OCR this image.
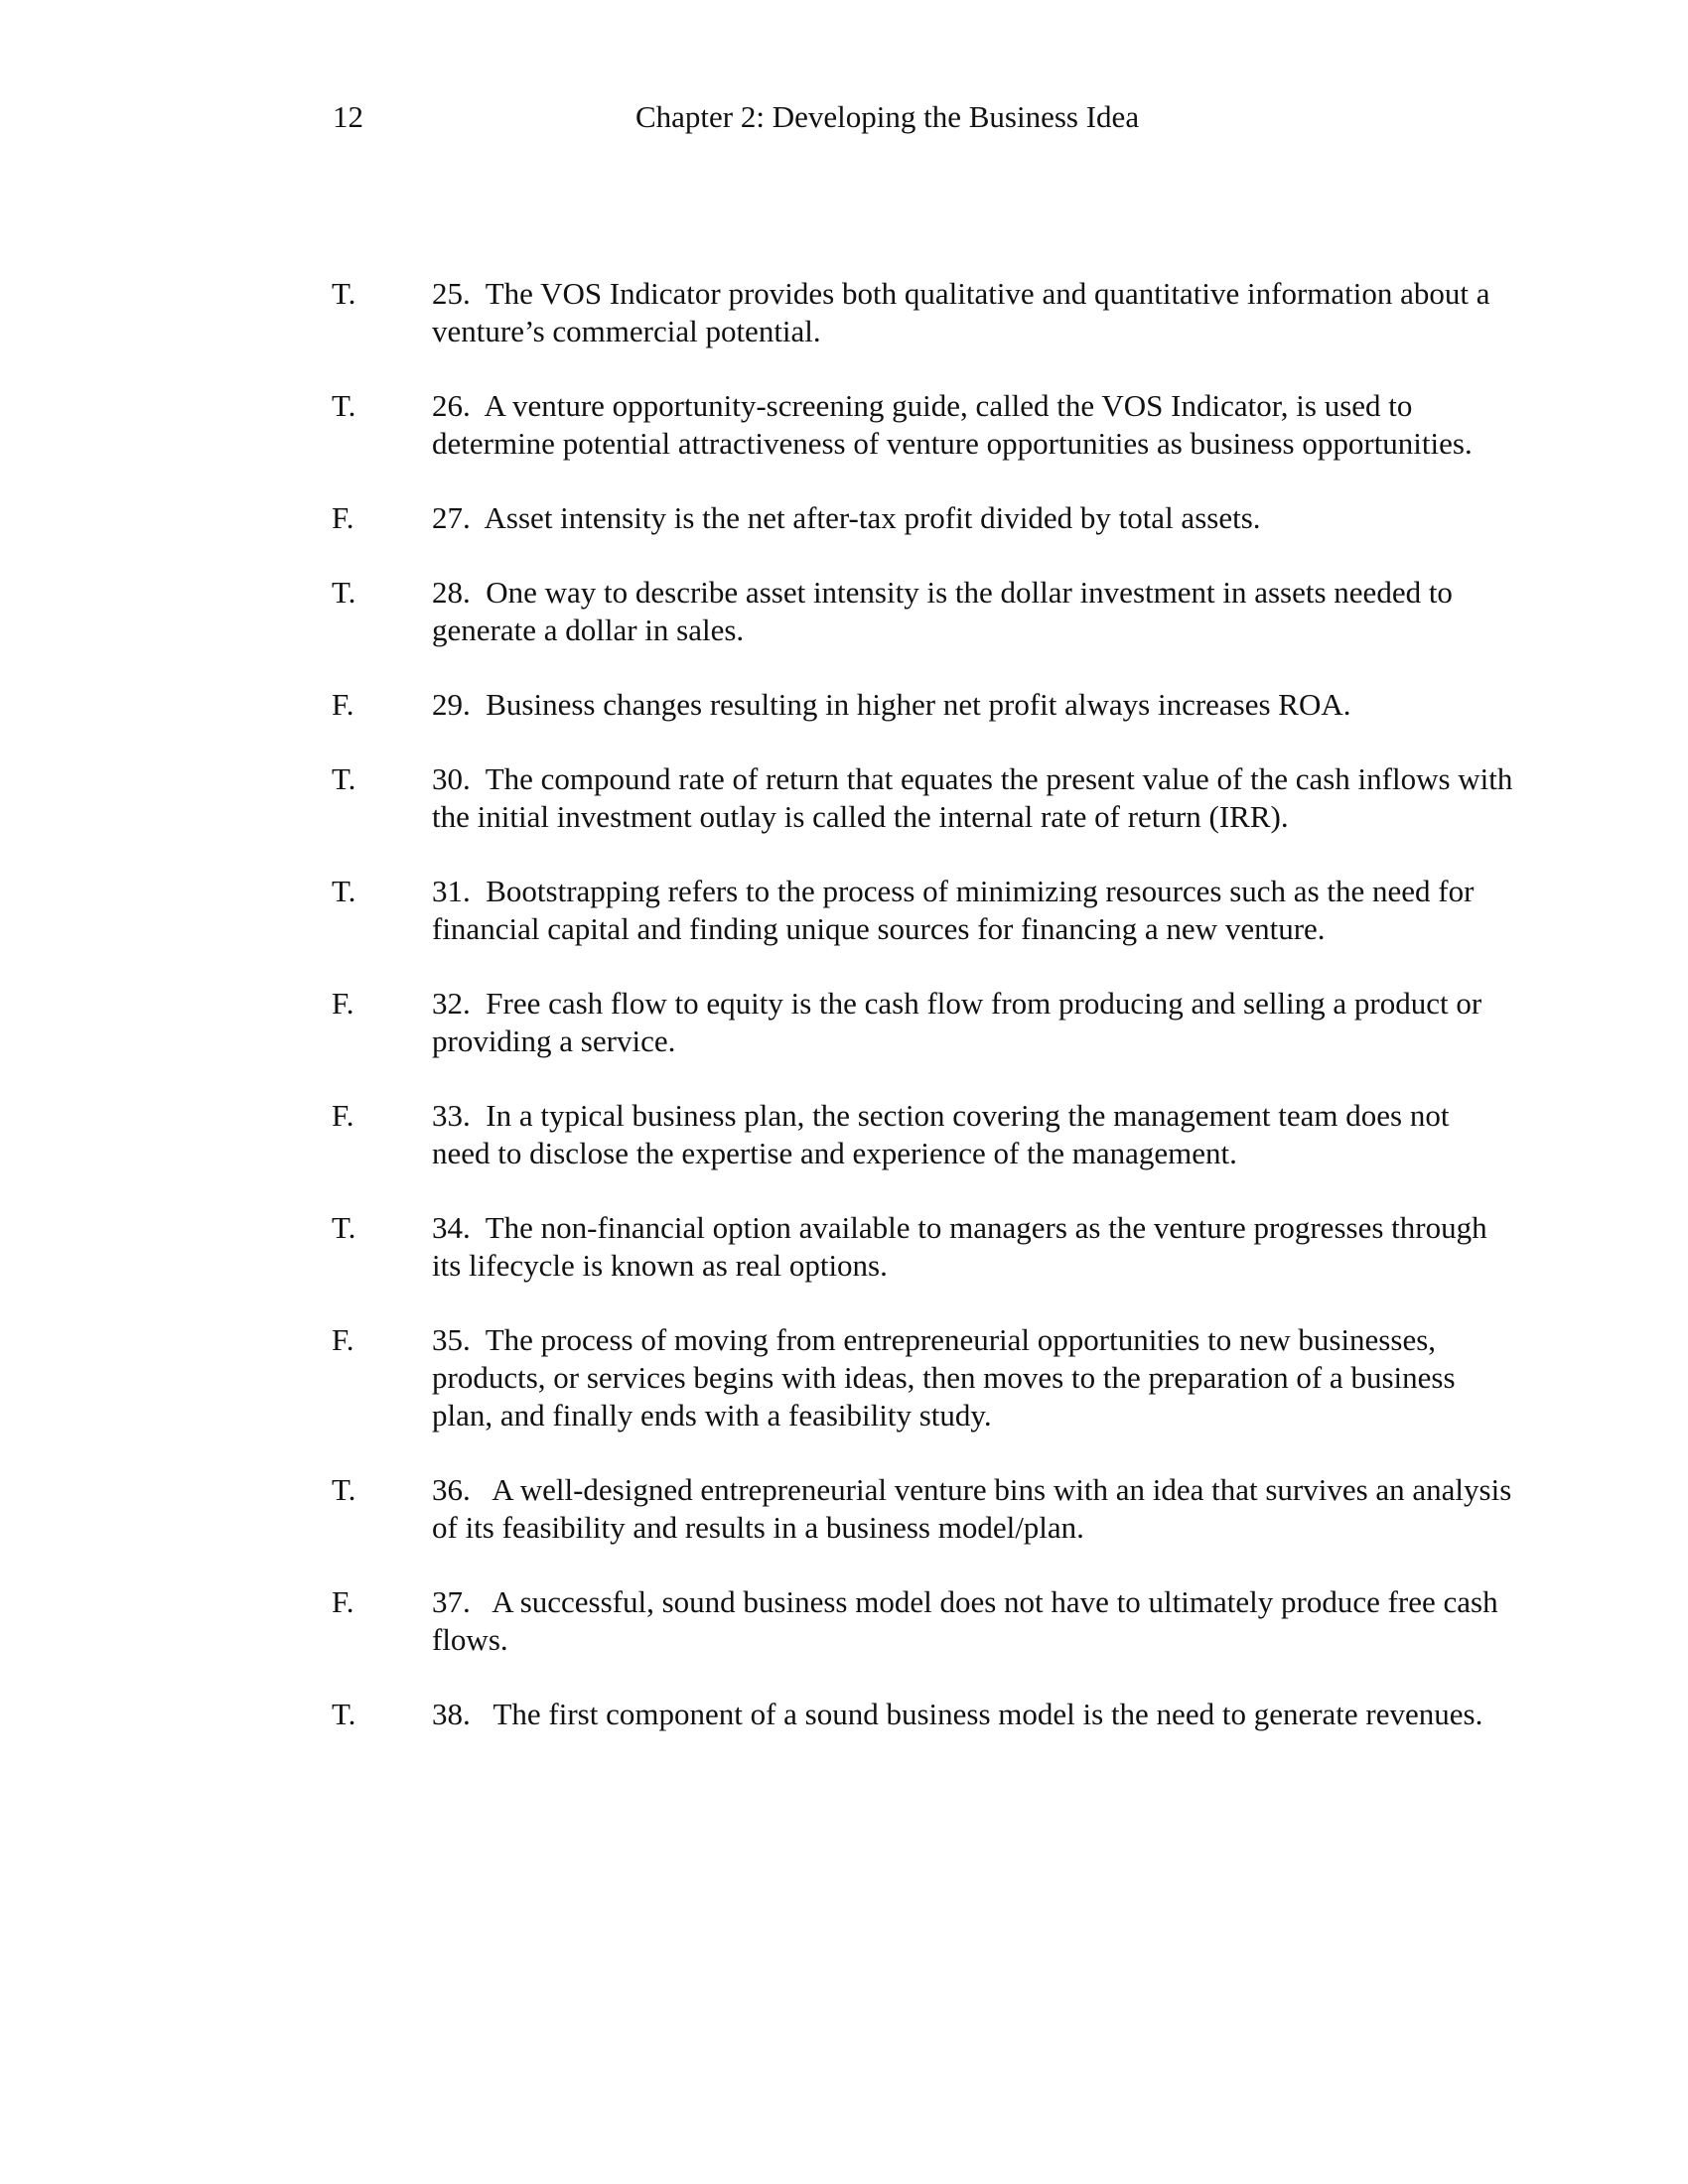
12	Chapter 2: Developing the Business Idea
T. 25.  The VOS Indicator provides both qualitative and quantitative information about a venture’s commercial potential.
T. 26.  A venture opportunity-screening guide, called the VOS Indicator, is used to determine potential attractiveness of venture opportunities as business opportunities.
F.	27.  Asset intensity is the net after-tax profit divided by total assets.
T. 28.  One way to describe asset intensity is the dollar investment in assets needed to generate a dollar in sales.
F.	29.  Business changes resulting in higher net profit always increases ROA.
T. 30.  The compound rate of return that equates the present value of the cash inflows with the initial investment outlay is called the internal rate of return (IRR).
T. 31.  Bootstrapping refers to the process of minimizing resources such as the need for financial capital and finding unique sources for financing a new venture.
F.	32.  Free cash flow to equity is the cash flow from producing and selling a product or providing a service.
F.	33.  In a typical business plan, the section covering the management team does not need to disclose the expertise and experience of the management.
T. 34.  The non-financial option available to managers as the venture progresses through its lifecycle is known as real options.
F.	35.  The process of moving from entrepreneurial opportunities to new businesses, products, or services begins with ideas, then moves to the preparation of a business plan, and finally ends with a feasibility study.
T. 36.   A well-designed entrepreneurial venture bins with an idea that survives an analysis of its feasibility and results in a business model/plan.
F.	37.   A successful, sound business model does not have to ultimately produce free cash flows.
T. 38.   The first component of a sound business model is the need to generate revenues.
